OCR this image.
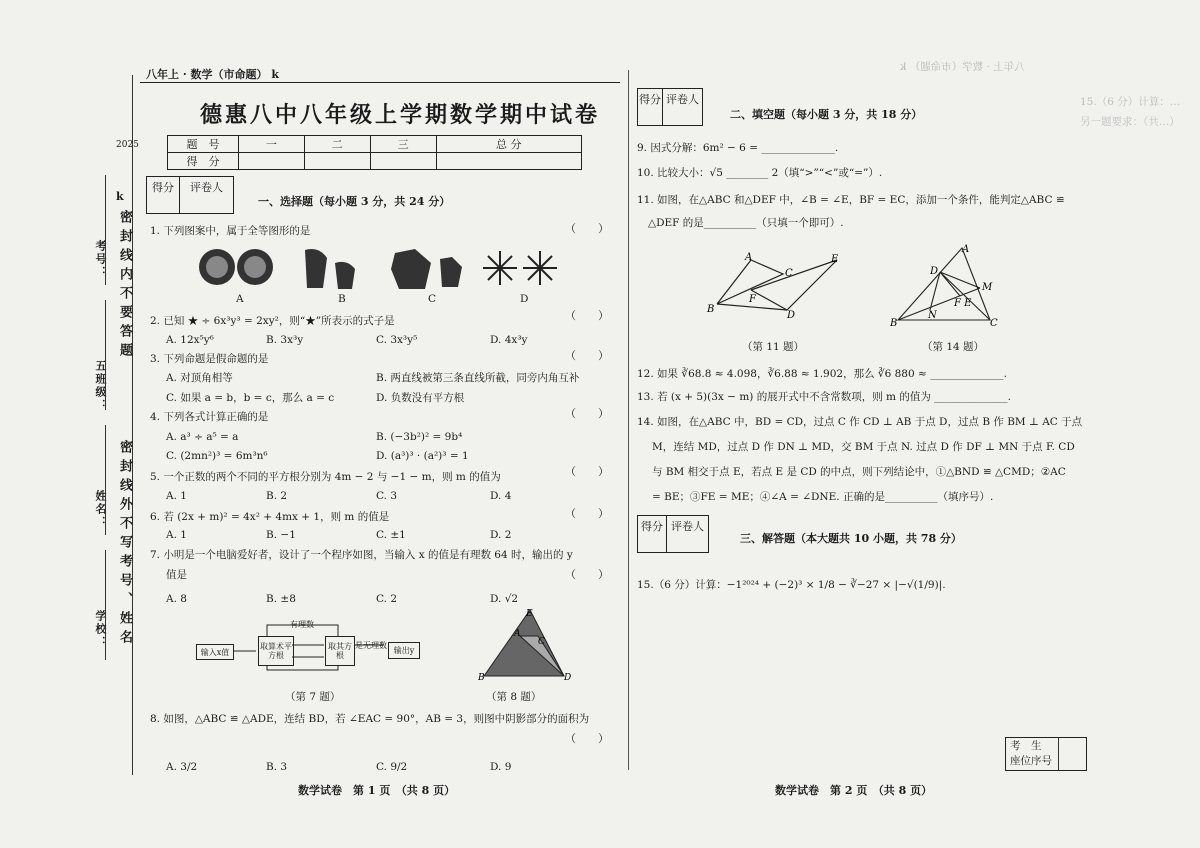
八年上 · 数学（市命题） k
15.（6 分）计算：…
另一题要求：（共…）
2025
k
密封线内不要答题
密封线外不写考号、姓名
考号：
五班级：
姓名：
学校：
八年上 · 数学（市命题） k
德惠八中八年级上学期数学期中试卷
题　号	一	二	三	总 分
得　分				
得分	评卷人
一、选择题（每小题 3 分，共 24 分）
1. 下列图案中，属于全等图形的是	（　　）
A	B	C	D
（　　）
2. 已知 ★ ÷ 6x³y³ = 2xy²，则“★”所表示的式子是
A. 12x⁵y⁶	B. 3x³y	C. 3x³y⁵	D. 4x³y
（　　）
3. 下列命题是假命题的是
A. 对顶角相等	B. 两直线被第三条直线所截，同旁内角互补
C. 如果 a = b，b = c，那么 a = c	D. 负数没有平方根
（　　）
4. 下列各式计算正确的是
A. a³ ÷ a⁵ = a	B. (−3b²)² = 9b⁴
C. (2mn²)³ = 6m³n⁶	D. (a³)³ · (a²)³ = 1
（　　）
5. 一个正数的两个不同的平方根分别为 4m − 2 与 −1 − m，则 m 的值为
A. 1	B. 2	C. 3	D. 4
（　　）
6. 若 (2x + m)² = 4x² + 4mx + 1，则 m 的值是
A. 1	B. −1	C. ±1	D. 2
7. 小明是一个电脑爱好者，设计了一个程序如图，当输入 x 的值是有理数 64 时，输出的 y
值是	（　　）
A. 8	B. ±8	C. 2	D. √2
输入x值
取算术平方根
有理数
取其方根
是无理数
输出y
（第 7 题）
E
A
C
B	D
（第 8 题）
8. 如图，△ABC ≌ △ADE，连结 BD，若 ∠EAC = 90°，AB = 3，则图中阴影部分的面积为
（　　）
A. 3/2	B. 3	C. 9/2	D. 9
数学试卷　第 1 页　（共 8 页）
得分 评卷人
二、填空题（每小题 3 分，共 18 分）
9. 因式分解：6m² − 6 = ______________.
10. 比较大小：√5 ________ 2（填“>”“<”或“=”）.
11. 如图，在△ABC 和△DEF 中，∠B = ∠E，BF = EC，添加一个条件，能判定△ABC ≌
△DEF 的是__________（只填一个即可）.
A
B
C
E
F
D
（第 11 题）
A
D
M
B
N
F E
C
（第 14 题）
12. 如果 ∛68.8 ≈ 4.098，∛6.88 ≈ 1.902，那么 ∛6 880 ≈ ______________.
13. 若 (x + 5)(3x − m) 的展开式中不含常数项，则 m 的值为 ______________.
14. 如图，在△ABC 中，BD = CD，过点 C 作 CD ⊥ AB 于点 D，过点 B 作 BM ⊥ AC 于点
M，连结 MD，过点 D 作 DN ⊥ MD，交 BM 于点 N. 过点 D 作 DF ⊥ MN 于点 F. CD
与 BM 相交于点 E，若点 E 是 CD 的中点，则下列结论中，①△BND ≌ △CMD；②AC
= BE；③FE = ME；④∠A = ∠DNE. 正确的是__________（填序号）.
得分 评卷人
三、解答题（本大题共 10 小题，共 78 分）
15.（6 分）计算：−1²⁰²⁴ + (−2)³ × 1/8 − ∛−27 × |−√(1/9)|.
考　生
座位序号
数学试卷　第 2 页　（共 8 页）
